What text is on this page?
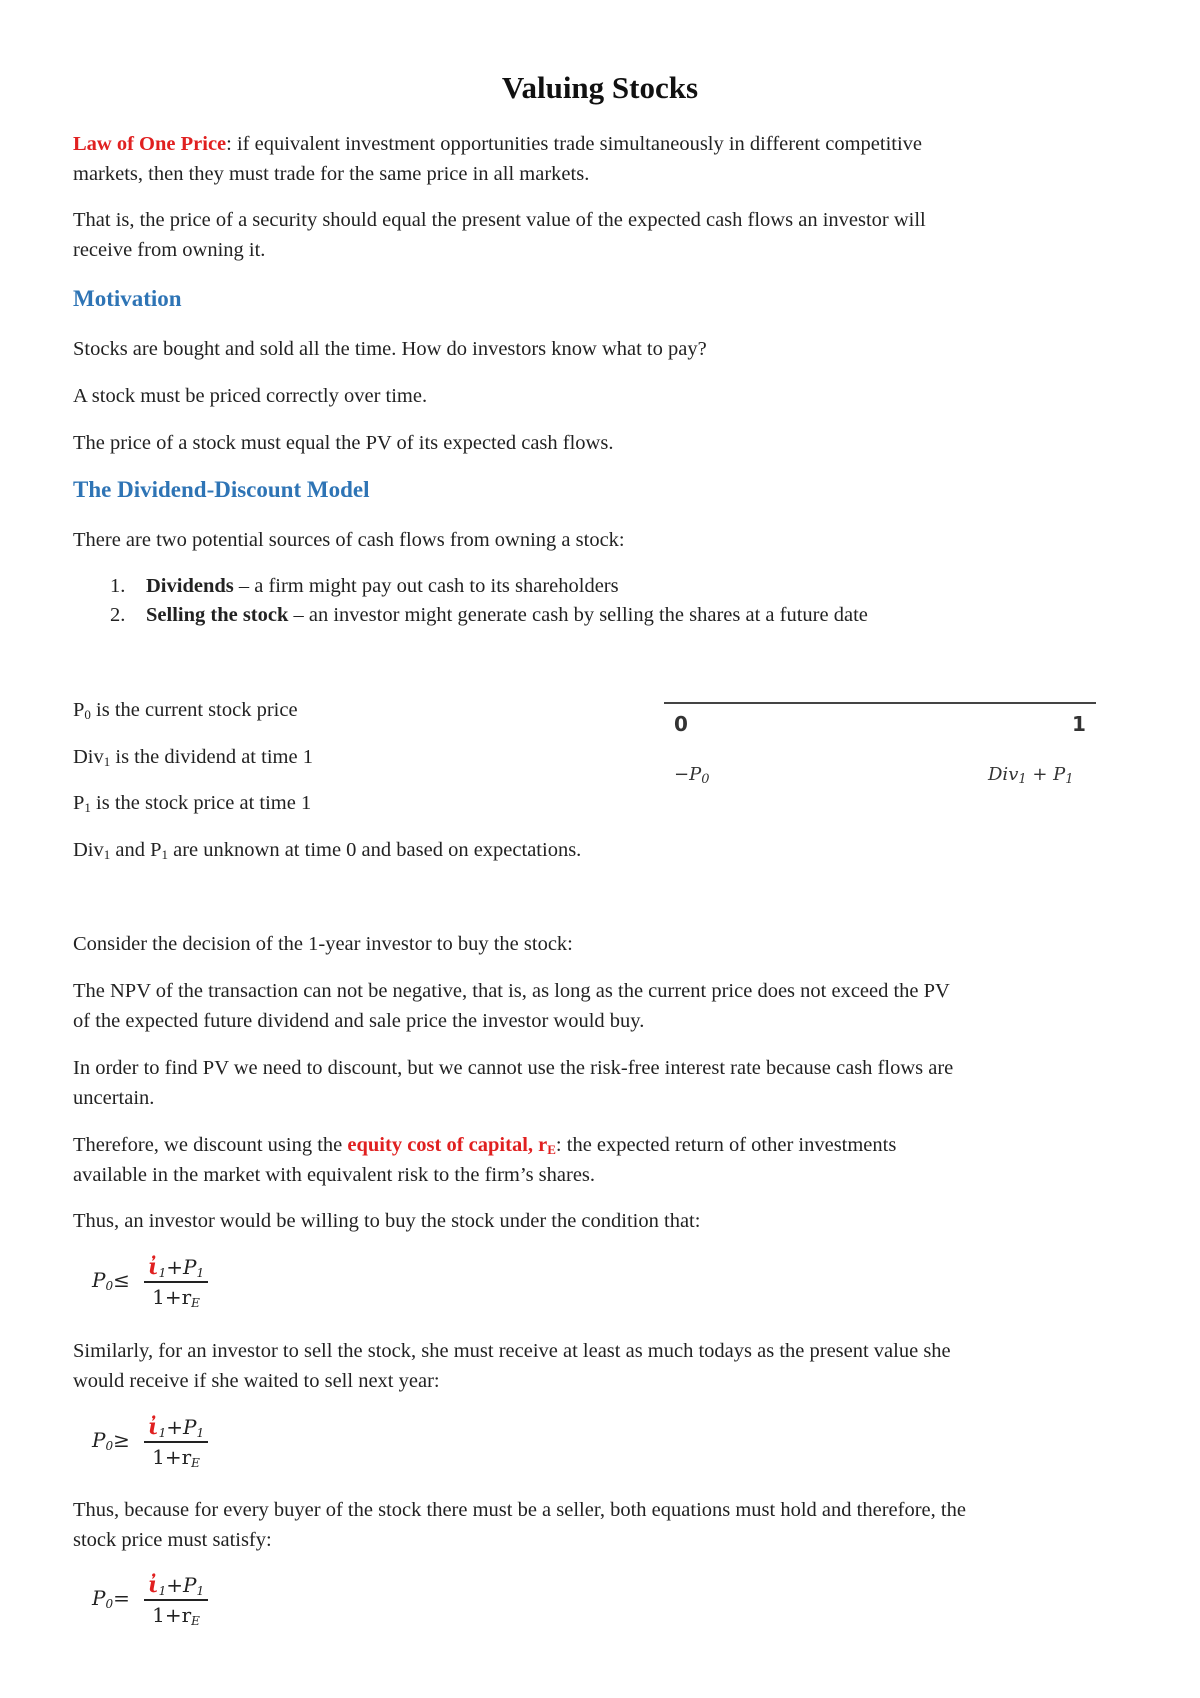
Valuing Stocks
Law of One Price: if equivalent investment opportunities trade simultaneously in different competitive
markets, then they must trade for the same price in all markets.
That is, the price of a security should equal the present value of the expected cash flows an investor will
receive from owning it.
Motivation
Stocks are bought and sold all the time. How do investors know what to pay?
A stock must be priced correctly over time.
The price of a stock must equal the PV of its expected cash flows.
The Dividend-Discount Model
There are two potential sources of cash flows from owning a stock:
1. Dividends – a firm might pay out cash to its shareholders
2. Selling the stock – an investor might generate cash by selling the shares at a future date
$P_0$ is the current stock price
Div$_1$ is the dividend at time 1
$P_1$ is the stock price at time 1
Div$_1$ and $P_1$ are unknown at time 0 and based on expectations.
0	1
$-P_0$	$Div_1 + P_1$
Consider the decision of the 1-year investor to buy the stock:
The NPV of the transaction can not be negative, that is, as long as the current price does not exceed the PV
of the expected future dividend and sale price the investor would buy.
In order to find PV we need to discount, but we cannot use the risk-free interest rate because cash flows are
uncertain.
Therefore, we discount using the equity cost of capital, $r_E$: the expected return of other investments
available in the market with equivalent risk to the firm’s shares.
Thus, an investor would be willing to buy the stock under the condition that:
$P_0\le$ $ἰ_1+P_1$
$1+r_E$
Similarly, for an investor to sell the stock, she must receive at least as much todays as the present value she
would receive if she waited to sell next year:
$P_0\ge$ $ἰ_1+P_1$
$1+r_E$
Thus, because for every buyer of the stock there must be a seller, both equations must hold and therefore, the
stock price must satisfy:
$P_0=$ $ἰ_1+P_1$
$1+r_E$
